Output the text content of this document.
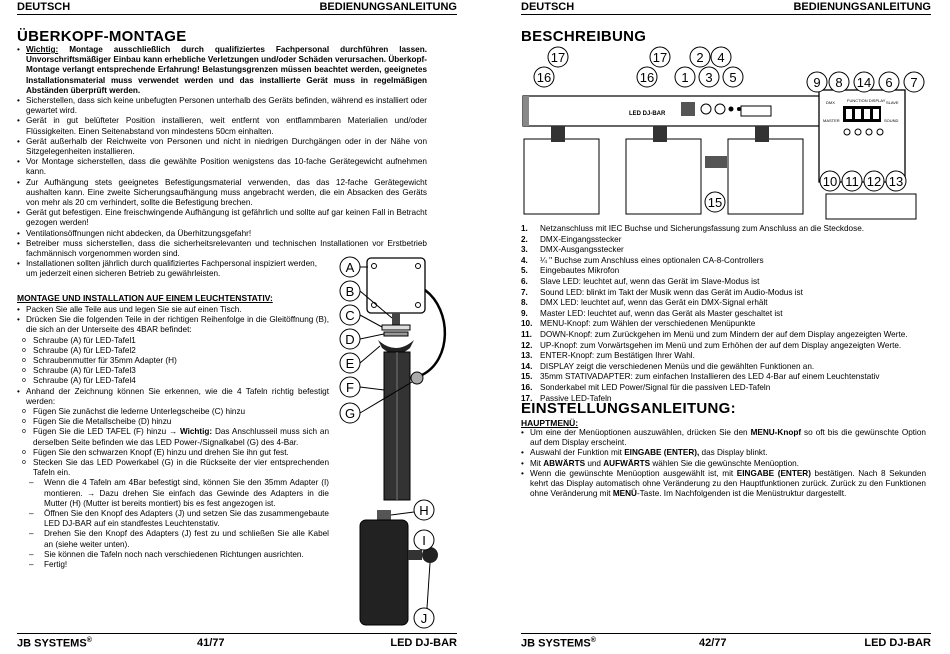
DEUTSCH	BEDIENUNGSANLEITUNG
ÜBERKOPF-MONTAGE
• Wichtig: Montage ausschließlich durch qualifiziertes Fachpersonal durchführen lassen. Unvorschriftsmäßiger Einbau kann erhebliche Verletzungen und/oder Schäden verursachen. Überkopf-Montage verlangt entsprechende Erfahrung! Belastungsgrenzen müssen beachtet werden, geeignetes Installationsmaterial muss verwendet werden und das installierte Gerät muss in regelmäßigen Abständen überprüft werden.
• Sicherstellen, dass sich keine unbefugten Personen unterhalb des Geräts befinden, während es installiert oder gewartet wird.
• Gerät in gut belüfteter Position installieren, weit entfernt von entflammbaren Materialien und/oder Flüssigkeiten. Einen Seitenabstand von mindestens 50cm einhalten.
• Gerät außerhalb der Reichweite von Personen und nicht in niedrigen Durchgängen oder in der Nähe von Sitzgelegenheiten installieren.
• Vor Montage sicherstellen, dass die gewählte Position wenigstens das 10-fache Gerätegewicht aufnehmen kann.
• Zur Aufhängung stets geeignetes Befestigungsmaterial verwenden, das das 12-fache Gerätegewicht aushalten kann. Eine zweite Sicherungsaufhängung muss angebracht werden, die ein Absacken des Geräts von mehr als 20 cm verhindert, sollte die Befestigung brechen.
• Gerät gut befestigen. Eine freischwingende Aufhängung ist gefährlich und sollte auf gar keinen Fall in Betracht gezogen werden!
• Ventilationsöffnungen nicht abdecken, da Überhitzungsgefahr!
• Betreiber muss sicherstellen, dass die sicherheitsrelevanten und technischen Installationen vor Erstbetrieb fachmännisch vorgenommen worden sind.
• Installationen sollten jährlich durch qualifiziertes Fachpersonal inspiziert werden, um jederzeit einen sicheren Betrieb zu gewährleisten.
MONTAGE UND INSTALLATION AUF EINEM LEUCHTENSTATIV:
• Packen Sie alle Teile aus und legen Sie sie auf einen Tisch.
• Drücken Sie die folgenden Teile in der richtigen Reihenfolge in die Gleitöffnung (B), die sich an der Unterseite des 4BAR befindet:
o Schraube (A) für LED-Tafel1
o Schraube (A) für LED-Tafel2
o Schraubenmutter für 35mm Adapter (H)
o Schraube (A) für LED-Tafel3
o Schraube (A) für LED-Tafel4
• Anhand der Zeichnung können Sie erkennen, wie die 4 Tafeln richtig befestigt werden:
o Fügen Sie zunächst die lederne Unterlegscheibe (C) hinzu
o Fügen Sie die Metallscheibe (D) hinzu
o Fügen Sie die LED TAFEL (F) hinzu → Wichtig: Das Anschlusseil muss sich an derselben Seite befinden wie das LED Power-/Signalkabel (G) des 4-Bar.
o Fügen Sie den schwarzen Knopf (E) hinzu und drehen Sie ihn gut fest.
o Stecken Sie das LED Powerkabel (G) in die Rückseite der vier entsprechenden Tafeln ein.
– Wenn die 4 Tafeln am 4Bar befestigt sind, können Sie den 35mm Adapter (I) montieren. → Dazu drehen Sie einfach das Gewinde des Adapters in die Mutter (H) (Mutter ist bereits montiert) bis es fest angezogen ist.
– Öffnen Sie den Knopf des Adapters (J) und setzen Sie das zusammengebaute LED DJ-BAR auf ein standfestes Leuchtenstativ.
– Drehen Sie den Knopf des Adapters (J) fest zu und schließen Sie alle Kabel an (siehe weiter unten).
– Sie können die Tafeln noch nach verschiedenen Richtungen ausrichten.
– Fertig!
A
B
C
D
E
F
G
H
I
J
JB SYSTEMS®	41/77	LED DJ-BAR
DEUTSCH	BEDIENUNGSANLEITUNG
BESCHREIBUNG
LED DJ-BAR
FUNCTION DISPLAY
DMX	SLAVE
MASTER	SOUND
17
16
17
16 1
2
3
4
5	9 8 14 6 7
15
10 11 12 13
1. Netzanschluss mit IEC Buchse und Sicherungsfassung zum Anschluss an die Steckdose.
2. DMX-Eingangsstecker
3. DMX-Ausgangsstecker
4. ¼ " Buchse zum Anschluss eines optionalen CA-8-Controllers
5. Eingebautes Mikrofon
6. Slave LED: leuchtet auf, wenn das Gerät im Slave-Modus ist
7. Sound LED: blinkt im Takt der Musik wenn das Gerät im Audio-Modus ist
8. DMX LED: leuchtet auf, wenn das Gerät ein DMX-Signal erhält
9. Master LED: leuchtet auf, wenn das Gerät als Master geschaltet ist
10. MENU-Knopf: zum Wählen der verschiedenen Menüpunkte
11. DOWN-Knopf: zum Zurückgehen im Menü und zum Mindern der auf dem Display angezeigten Werte.
12. UP-Knopf: zum Vorwärtsgehen im Menü und zum Erhöhen der auf dem Display angezeigten Werte.
13. ENTER-Knopf: zum Bestätigen Ihrer Wahl.
14. DISPLAY zeigt die verschiedenen Menüs und die gewählten Funktionen an.
15. 35mm STATIVADAPTER: zum einfachen Installieren des LED 4-Bar auf einem Leuchtenstativ
16. Sonderkabel mit LED Power/Signal für die passiven LED-Tafeln
17. Passive LED-Tafeln
EINSTELLUNGSANLEITUNG:
HAUPTMENÜ:
• Um eine der Menüoptionen auszuwählen, drücken Sie den MENU-Knopf so oft bis die gewünschte Option auf dem Display erscheint.
• Auswahl der Funktion mit EINGABE (ENTER), das Display blinkt.
• Mit ABWÄRTS und AUFWÄRTS wählen Sie die gewünschte Menüoption.
• Wenn die gewünschte Menüoption ausgewählt ist, mit EINGABE (ENTER) bestätigen. Nach 8 Sekunden kehrt das Display automatisch ohne Veränderung zu den Hauptfunktionen zurück. Zurück zu den Funktionen ohne Veränderung mit MENÜ-Taste. Im Nachfolgenden ist die Menüstruktur dargestellt.
JB SYSTEMS®	42/77	LED DJ-BAR
